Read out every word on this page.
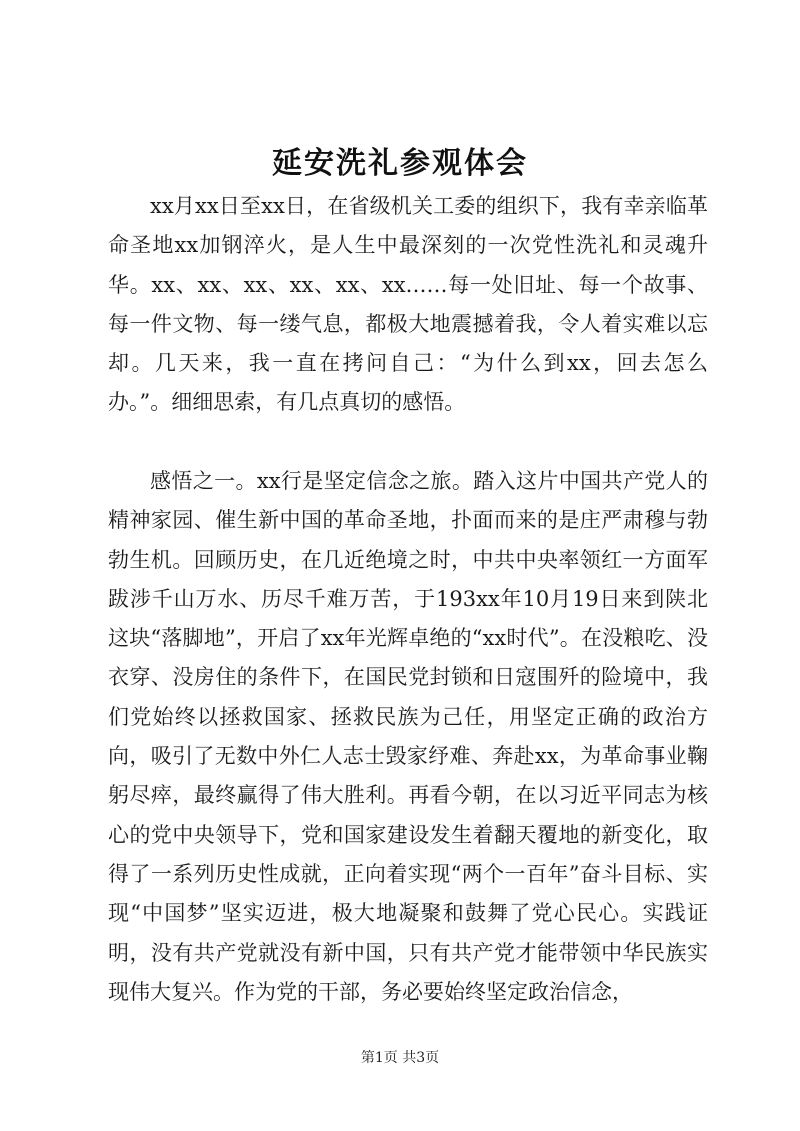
延安洗礼参观体会

xx月xx日至xx日，在省级机关工委的组织下，我有幸亲临革命圣地xx加钢淬火，是人生中最深刻的一次党性洗礼和灵魂升华。xx、xx、xx、xx、xx、xx……每一处旧址、每一个故事、每一件文物、每一缕气息，都极大地震撼着我，令人着实难以忘却。几天来，我一直在拷问自己：“为什么到xx，回去怎么办。”。细细思索，有几点真切的感悟。

感悟之一。xx行是坚定信念之旅。踏入这片中国共产党人的精神家园、催生新中国的革命圣地，扑面而来的是庄严肃穆与勃勃生机。回顾历史，在几近绝境之时，中共中央率领红一方面军跋涉千山万水、历尽千难万苦，于193xx年10月19日来到陕北这块“落脚地”，开启了xx年光辉卓绝的“xx时代”。在没粮吃、没衣穿、没房住的条件下，在国民党封锁和日寇围歼的险境中，我们党始终以拯救国家、拯救民族为己任，用坚定正确的政治方向，吸引了无数中外仁人志士毁家纾难、奔赴xx，为革命事业鞠躬尽瘁，最终赢得了伟大胜利。再看今朝，在以习近平同志为核心的党中央领导下，党和国家建设发生着翻天覆地的新变化，取得了一系列历史性成就，正向着实现“两个一百年”奋斗目标、实现“中国梦”坚实迈进，极大地凝聚和鼓舞了党心民心。实践证明，没有共产党就没有新中国，只有共产党才能带领中华民族实现伟大复兴。作为党的干部，务必要始终坚定政治信念，

第1页 共3页
